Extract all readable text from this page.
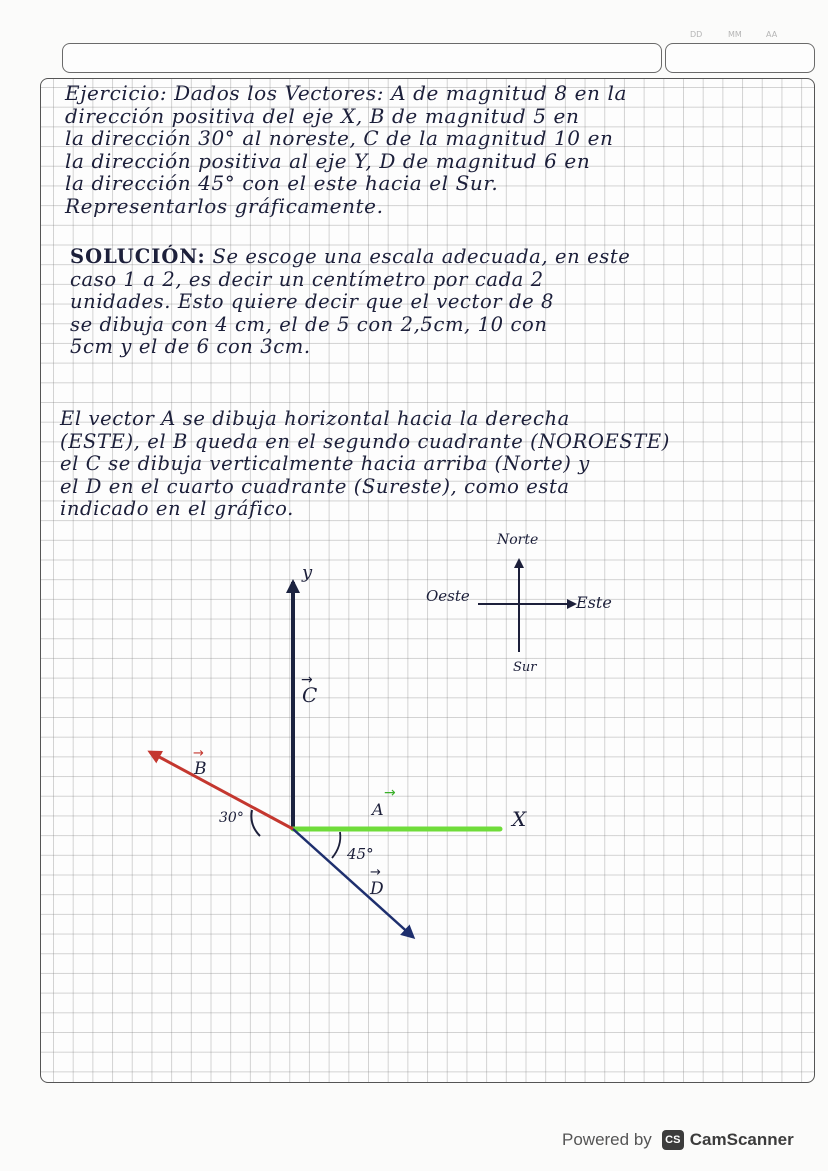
DD	MM	AA
Ejercicio: Dados los Vectores: A de magnitud 8 en la
dirección positiva del eje X, B de magnitud 5 en
la dirección 30° al noreste, C de la magnitud 10 en
la dirección positiva al eje Y, D de magnitud 6 en
la dirección 45° con el este hacia el Sur.
Representarlos gráficamente.
SOLUCIÓN: Se escoge una escala adecuada, en este
caso 1 a 2, es decir un centímetro por cada 2
unidades. Esto quiere decir que el vector de 8
se dibuja con 4 cm, el de 5 con 2,5cm, 10 con
5cm y el de 6 con 3cm.
El vector A se dibuja horizontal hacia la derecha
(ESTE), el B queda en el segundo cuadrante (NOROESTE)
el C se dibuja verticalmente hacia arriba (Norte) y
el D en el cuarto cuadrante (Sureste), como esta
indicado en el gráfico.
Norte
Sur
Este
Oeste
y
C
→
X
A
→
B
→
30°
45°
D
→
Powered by	CS CamScanner
